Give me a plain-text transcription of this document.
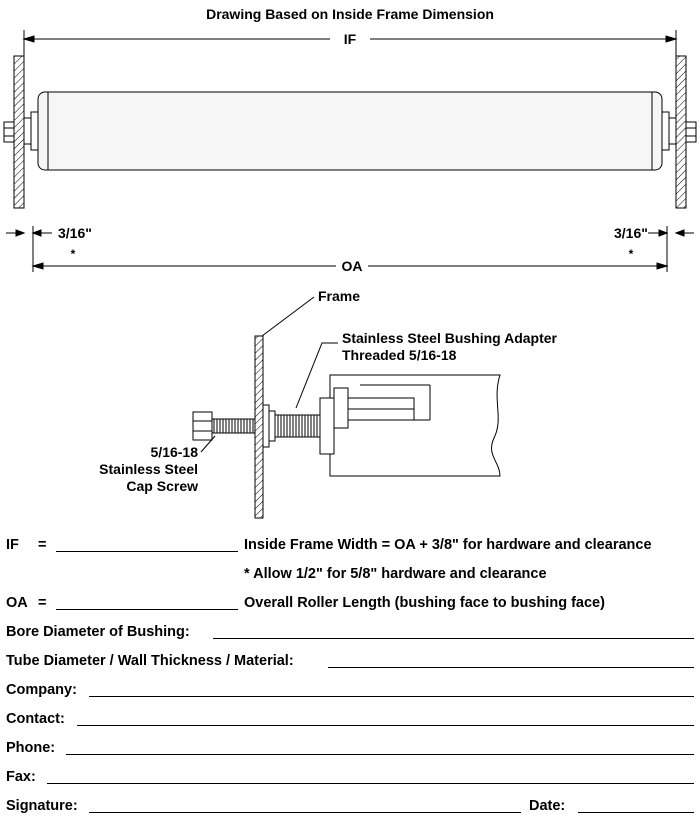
Drawing Based on Inside Frame Dimension
IF
3/16"	3/16"
*	*
OA
Frame
Stainless Steel Bushing Adapter
Threaded 5/16-18
5/16-18
Stainless Steel
Cap Screw
IF =	Inside Frame Width = OA + 3/8" for hardware and clearance
* Allow 1/2" for 5/8" hardware and clearance
OA =	Overall Roller Length (bushing face to bushing face)
Bore Diameter of Bushing:
Tube Diameter / Wall Thickness / Material:
Company:
Contact:
Phone:
Fax:
Signature:	Date:
